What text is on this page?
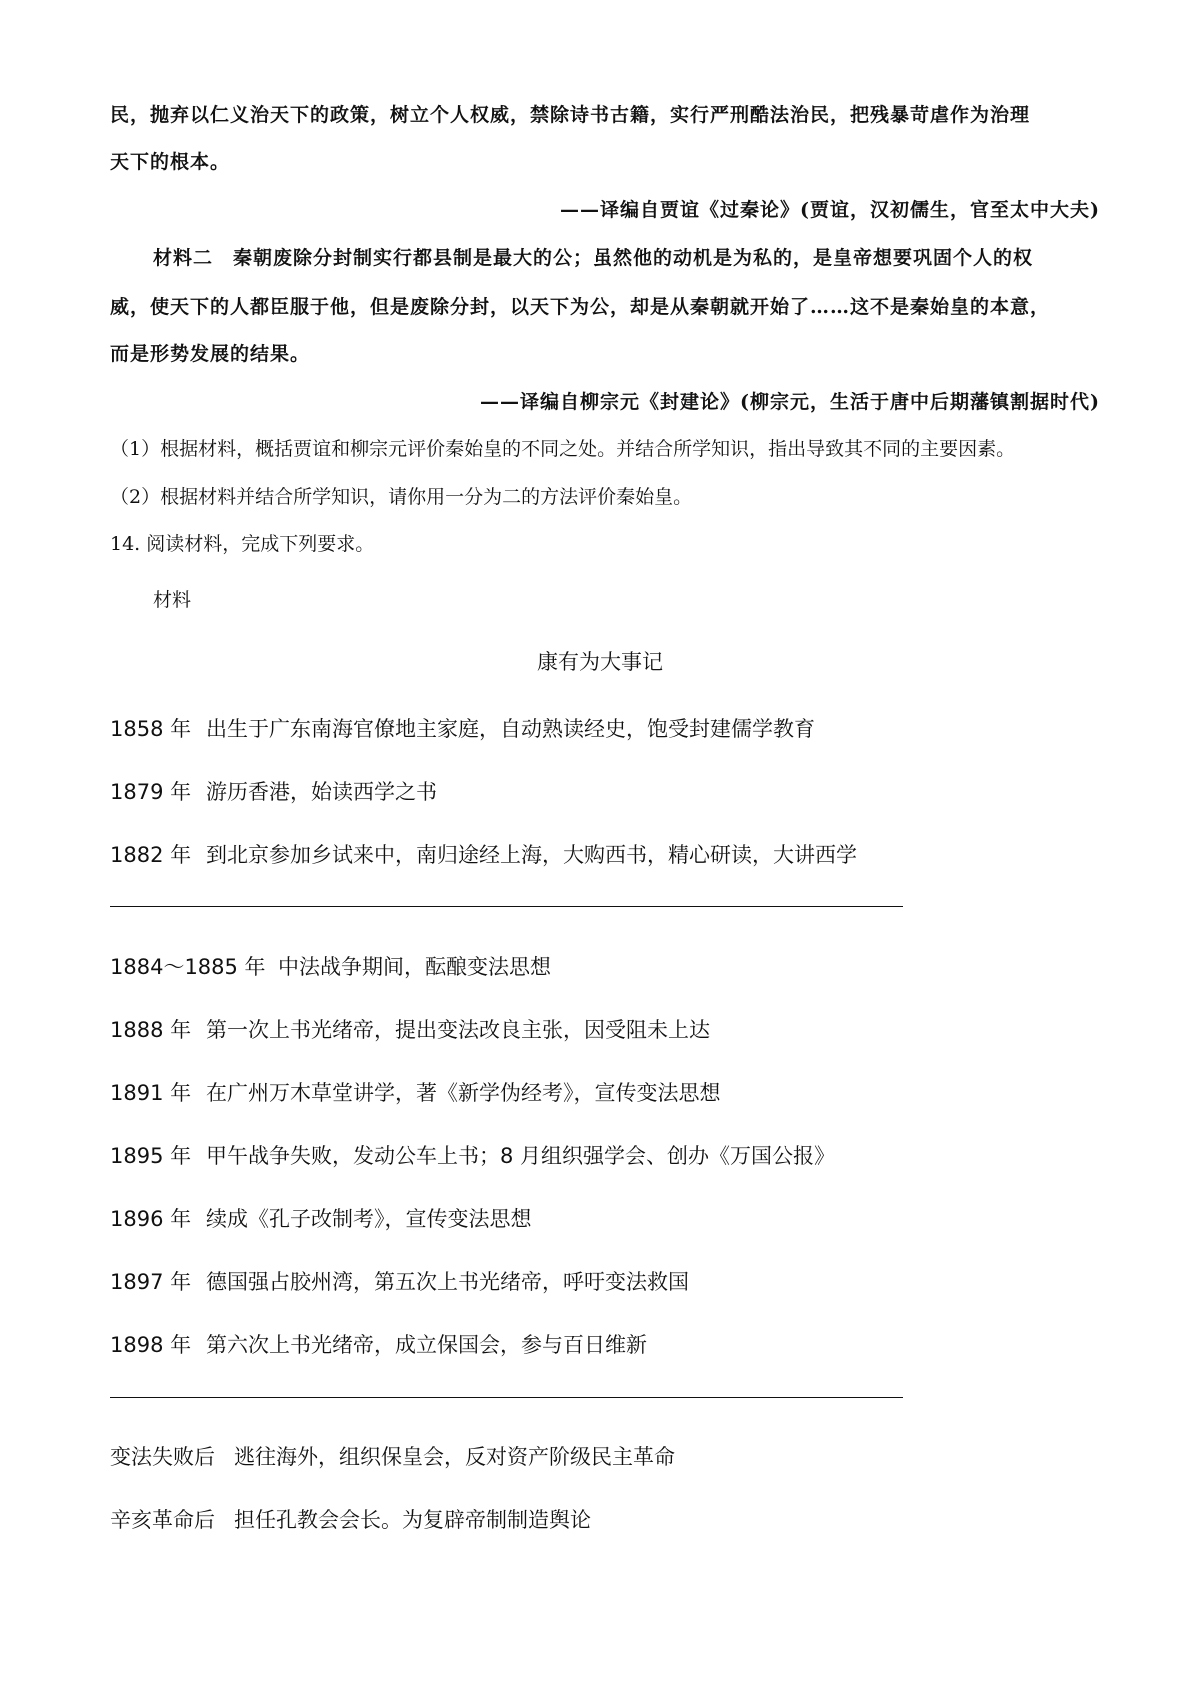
民，抛弃以仁义治天下的政策，树立个人权威，禁除诗书古籍，实行严刑酷法治民，把残暴苛虐作为治理
天下的根本。
——译编自贾谊《过秦论》(贾谊，汉初儒生，官至太中大夫)
材料二　秦朝废除分封制实行都县制是最大的公；虽然他的动机是为私的，是皇帝想要巩固个人的权
威，使天下的人都臣服于他，但是废除分封，以天下为公，却是从秦朝就开始了……这不是秦始皇的本意，
而是形势发展的结果。
——译编自柳宗元《封建论》(柳宗元，生活于唐中后期藩镇割据时代)
（1）根据材料，概括贾谊和柳宗元评价秦始皇的不同之处。并结合所学知识，指出导致其不同的主要因素。
（2）根据材料并结合所学知识，请你用一分为二的方法评价秦始皇。
14. 阅读材料，完成下列要求。
材料
康有为大事记
1858 年 出生于广东南海官僚地主家庭，自动熟读经史，饱受封建儒学教育
1879 年 游历香港，始读西学之书
1882 年 到北京参加乡试来中，南归途经上海，大购西书，精心研读，大讲西学
1884～1885 年 中法战争期间，酝酿变法思想
1888 年 第一次上书光绪帝，提出变法改良主张，因受阻未上达
1891 年 在广州万木草堂讲学，著《新学伪经考》，宣传变法思想
1895 年 甲午战争失败，发动公车上书；8 月组织强学会、创办《万国公报》
1896 年 续成《孔子改制考》，宣传变法思想
1897 年 德国强占胶州湾，第五次上书光绪帝，呼吁变法救国
1898 年 第六次上书光绪帝，成立保国会，参与百日维新
变法失败后 逃往海外，组织保皇会，反对资产阶级民主革命
辛亥革命后 担任孔教会会长。为复辟帝制制造舆论
